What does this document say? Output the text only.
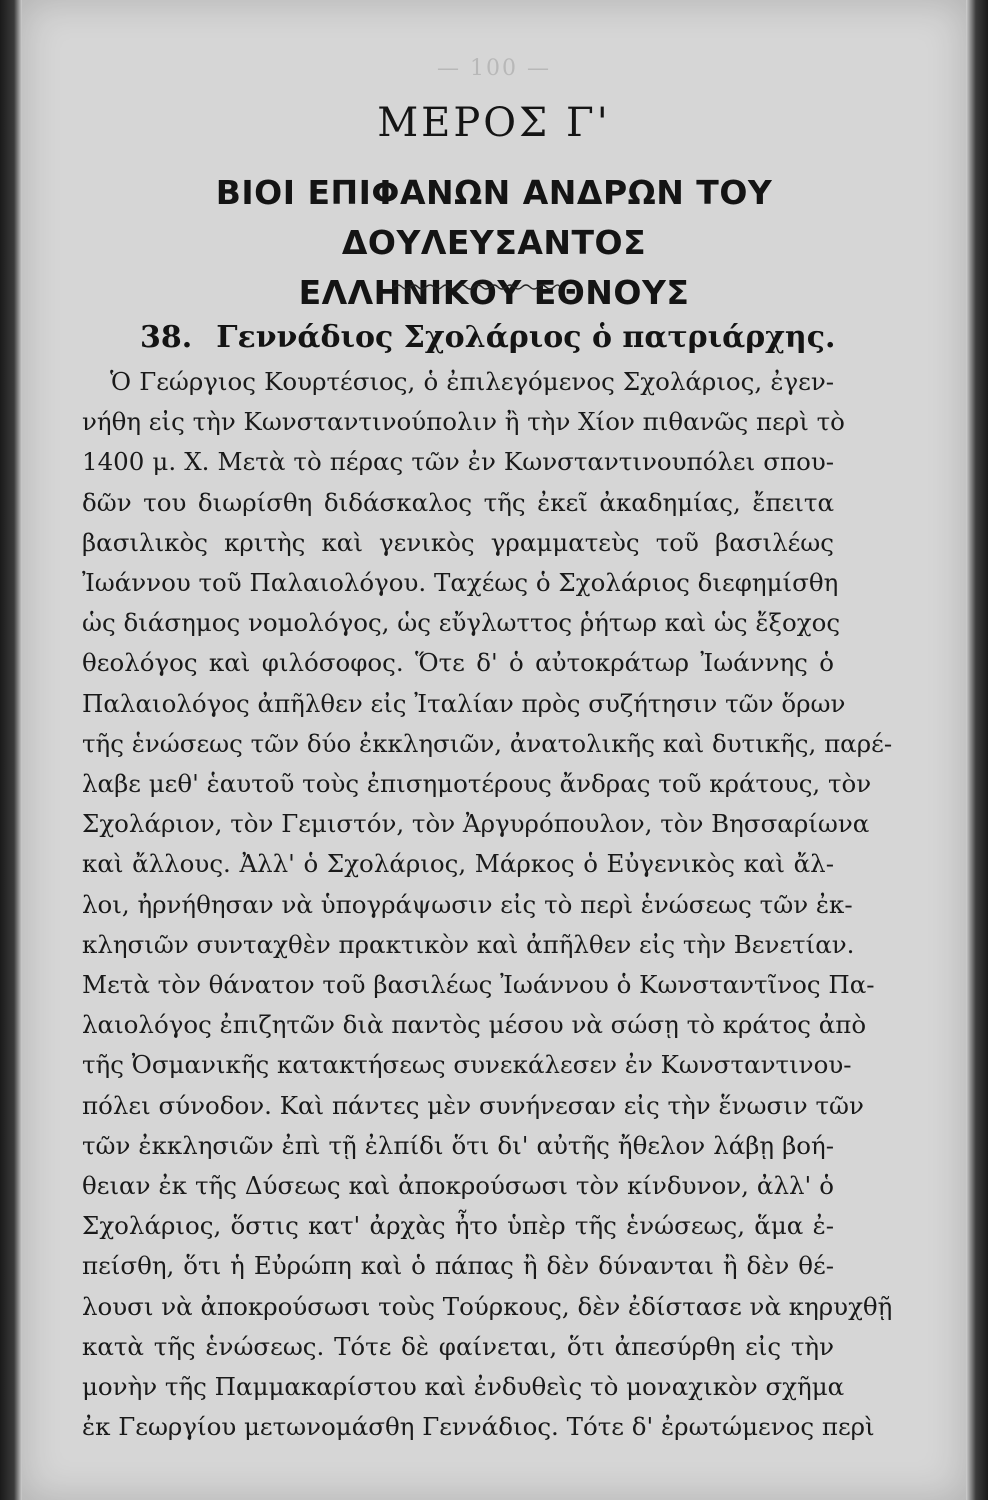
— 100 —
ΜΕΡΟΣ Γ'
ΒΙΟΙ ΕΠΙΦΑΝΩΝ ΑΝΔΡΩΝ ΤΟΥ ΔΟΥΛΕΥΣΑΝΤΟΣ
ΕΛΛΗΝΙΚΟΥ ΕΘΝΟΥΣ
38. Γεννάδιος Σχολάριος ὁ πατριάρχης.
Ὁ Γεώργιος Κουρτέσιος, ὁ ἐπιλεγόμενος Σχολάριος, ἐγεν-
νήθη εἰς τὴν Κωνσταντινούπολιν ἢ τὴν Χίον πιθανῶς περὶ τὸ
1400 μ. Χ. Μετὰ τὸ πέρας τῶν ἐν Κωνσταντινουπόλει σπου-
δῶν του διωρίσθη διδάσκαλος τῆς ἐκεῖ ἀκαδημίας, ἔπειτα
βασιλικὸς κριτὴς καὶ γενικὸς γραμματεὺς τοῦ βασιλέως
Ἰωάννου τοῦ Παλαιολόγου. Ταχέως ὁ Σχολάριος διεφημίσθη
ὡς διάσημος νομολόγος, ὡς εὔγλωττος ῥήτωρ καὶ ὡς ἔξοχος
θεολόγος καὶ φιλόσοφος. Ὅτε δ' ὁ αὐτοκράτωρ Ἰωάννης ὁ
Παλαιολόγος ἀπῆλθεν εἰς Ἰταλίαν πρὸς συζήτησιν τῶν ὅρων
τῆς ἑνώσεως τῶν δύο ἐκκλησιῶν, ἀνατολικῆς καὶ δυτικῆς, παρέ-
λαβε μεθ' ἑαυτοῦ τοὺς ἐπισημοτέρους ἄνδρας τοῦ κράτους, τὸν
Σχολάριον, τὸν Γεμιστόν, τὸν Ἀργυρόπουλον, τὸν Βησσαρίωνα
καὶ ἄλλους. Ἀλλ' ὁ Σχολάριος, Μάρκος ὁ Εὐγενικὸς καὶ ἄλ-
λοι, ἠρνήθησαν νὰ ὑπογράψωσιν εἰς τὸ περὶ ἑνώσεως τῶν ἐκ-
κλησιῶν συνταχθὲν πρακτικὸν καὶ ἀπῆλθεν εἰς τὴν Βενετίαν.
Μετὰ τὸν θάνατον τοῦ βασιλέως Ἰωάννου ὁ Κωνσταντῖνος Πα-
λαιολόγος ἐπιζητῶν διὰ παντὸς μέσου νὰ σώσῃ τὸ κράτος ἀπὸ
τῆς Ὀσμανικῆς κατακτήσεως συνεκάλεσεν ἐν Κωνσταντινου-
πόλει σύνοδον. Καὶ πάντες μὲν συνήνεσαν εἰς τὴν ἕνωσιν τῶν
τῶν ἐκκλησιῶν ἐπὶ τῇ ἐλπίδι ὅτι δι' αὐτῆς ἤθελον λάβῃ βοή-
θειαν ἐκ τῆς Δύσεως καὶ ἀποκρούσωσι τὸν κίνδυνον, ἀλλ' ὁ
Σχολάριος, ὅστις κατ' ἀρχὰς ἦτο ὑπὲρ τῆς ἑνώσεως, ἅμα ἐ-
πείσθη, ὅτι ἡ Εὐρώπη καὶ ὁ πάπας ἢ δὲν δύνανται ἢ δὲν θέ-
λουσι νὰ ἀποκρούσωσι τοὺς Τούρκους, δὲν ἐδίστασε νὰ κηρυχθῇ
κατὰ τῆς ἑνώσεως. Τότε δὲ φαίνεται, ὅτι ἀπεσύρθη εἰς τὴν
μονὴν τῆς Παμμακαρίστου καὶ ἐνδυθεὶς τὸ μοναχικὸν σχῆμα
ἐκ Γεωργίου μετωνομάσθη Γεννάδιος. Τότε δ' ἐρωτώμενος περὶ
